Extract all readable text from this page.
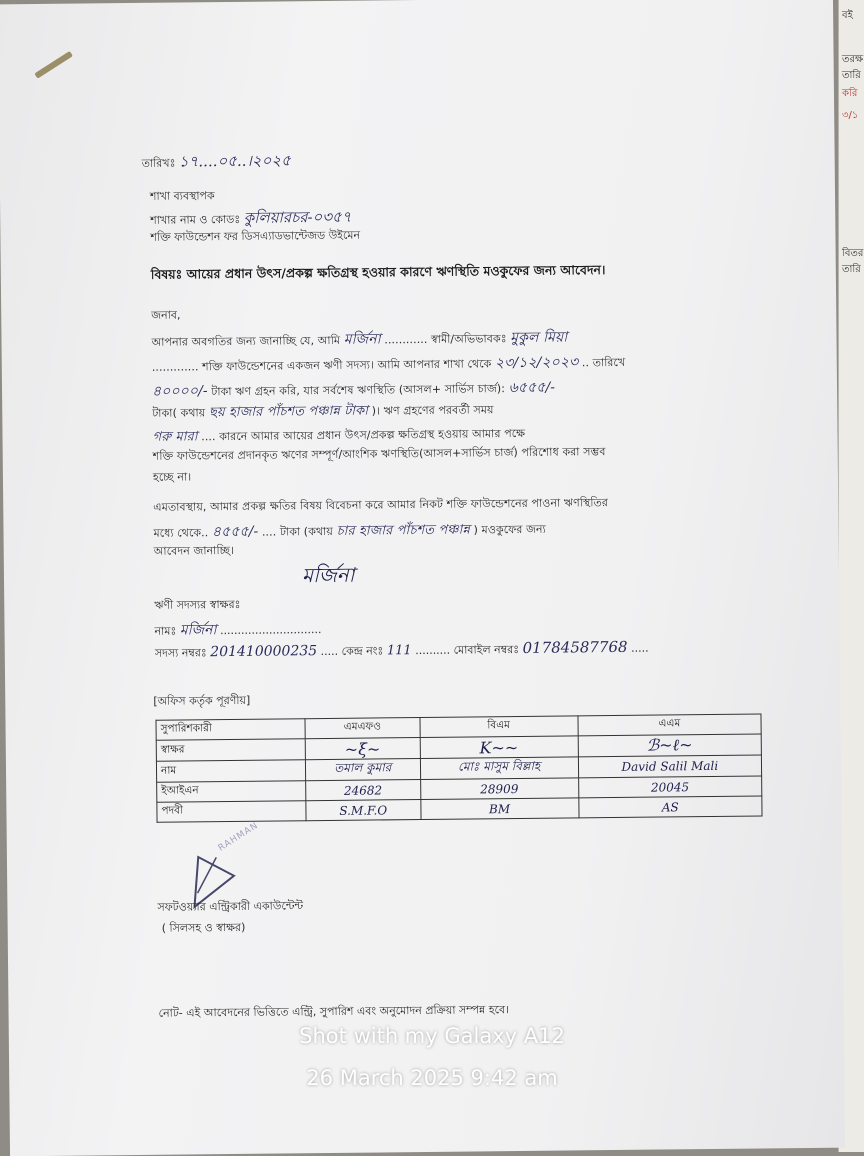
বই
তরক্ষ
তারি
করি
৩/১
বিতর
তারি
তারিখঃ ১৭....০৫..।২০২৫
শাখা ব্যবস্থাপক
শাখার নাম ও কোডঃ কুলিয়ারচর-০৩৫৭
শক্তি ফাউন্ডেশন ফর ডিসএ্যাডভান্টেজড উইমেন
বিষয়ঃ আয়ের প্রধান উৎস/প্রকল্প ক্ষতিগ্রস্থ হওয়ার কারণে ঋণস্থিতি মওকুফের জন্য আবেদন।
জনাব,
আপনার অবগতির জন্য জানাচ্ছি যে, আমি মর্জিনা ............ স্বামী/অভিভাবকঃ মুকুল মিয়া
............. শক্তি ফাউন্ডেশনের একজন ঋণী সদস্য। আমি আপনার শাখা থেকে ২৩/১২/২০২৩ .. তারিখে
৪০০০০/- টাকা ঋণ গ্রহন করি, যার সর্বশেষ ঋণস্থিতি (আসল+ সার্ভিস চার্জ): ৬৫৫৫/-
টাকা( কথায় ছয় হাজার পাঁচশত পঞ্চান্ন টাকা )। ঋণ গ্রহণের পরবর্তী সময়
গরু মারা .... কারনে আমার আয়ের প্রধান উৎস/প্রকল্প ক্ষতিগ্রস্থ হওয়ায় আমার পক্ষে
শক্তি ফাউন্ডেশনের প্রদানকৃত ঋণের সম্পূর্ণ/আংশিক ঋণস্থিতি(আসল+সার্ভিস চার্জ) পরিশোধ করা সম্ভব
হচ্ছে না।
এমতাবস্থায়, আমার প্রকল্প ক্ষতির বিষয় বিবেচনা করে আমার নিকট শক্তি ফাউন্ডেশনের পাওনা ঋণস্থিতির
মধ্যে থেকে.. ৪৫৫৫/- .... টাকা (কথায় চার হাজার পাঁচশত পঞ্চান্ন ) মওকুফের জন্য
আবেদন জানাচ্ছি।
মর্জিনা
ঋণী সদস্যর স্বাক্ষরঃ
নামঃ মর্জিনা .............................
সদস্য নম্বরঃ 201410000235 ..... কেন্দ্র নংঃ 111 .......... মোবাইল নম্বরঃ 01784587768 .....
[অফিস কর্তৃক পূরণীয়]
সুপারিশকারী	এমএফও	বিএম	এএম
স্বাক্ষর	~ξ~	K~~	ℬ~ℓ~
নাম	তমাল কুমার	মোঃ মাসুম বিল্লাহ	David Salil Mali
ইআইএন	24682	28909	20045
পদবী	S.M.F.O	BM	AS
RAHMAN
সফটওয়্যার এন্ট্রিকারী একাউন্টেন্ট
( সিলসহ ও স্বাক্ষর)
নোট- এই আবেদনের ভিত্তিতে এন্ট্রি, সুপারিশ এবং অনুমোদন প্রক্রিয়া সম্পন্ন হবে।
Shot with my Galaxy A12
26 March 2025 9:42 am
